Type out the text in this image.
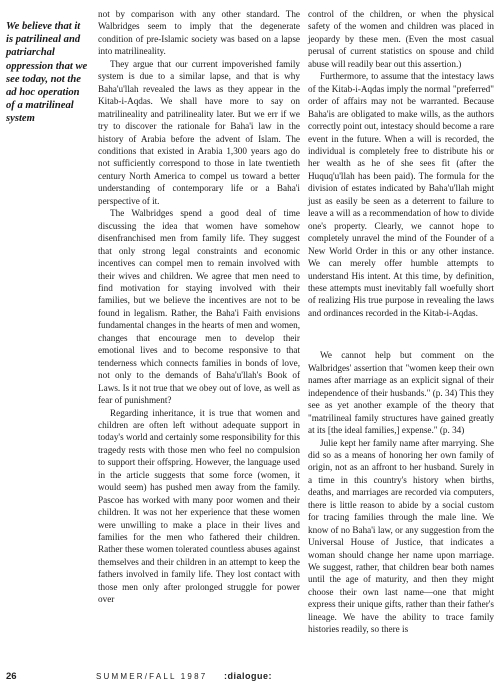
We believe that it is patrilineal and patriarchal oppression that we see today, not the ad hoc operation of a matrilineal system

not by comparison with any other standard. The Walbridges seem to imply that the degenerate condition of pre-Islamic society was based on a lapse into matrilineality.

They argue that our current impoverished family system is due to a similar lapse, and that is why Baha'u'llah revealed the laws as they appear in the Kitab-i-Aqdas. We shall have more to say on matrilineality and patrilineality later. But we err if we try to discover the rationale for Baha'i law in the history of Arabia before the advent of Islam. The conditions that existed in Arabia 1,300 years ago do not sufficiently correspond to those in late twentieth century North America to compel us toward a better understanding of contemporary life or a Baha'i perspective of it.

The Walbridges spend a good deal of time discussing the idea that women have somehow disenfranchised men from family life. They suggest that only strong legal constraints and economic incentives can compel men to remain involved with their wives and children. We agree that men need to find motivation for staying involved with their families, but we believe the incentives are not to be found in legalism. Rather, the Baha'i Faith envisions fundamental changes in the hearts of men and women, changes that encourage men to develop their emotional lives and to become responsive to that tenderness which connects families in bonds of love, not only to the demands of Baha'u'llah's Book of Laws. Is it not true that we obey out of love, as well as fear of punishment?

Regarding inheritance, it is true that women and children are often left without adequate support in today's world and certainly some responsibility for this tragedy rests with those men who feel no compulsion to support their offspring. However, the language used in the article suggests that some force (women, it would seem) has pushed men away from the family. Pascoe has worked with many poor women and their children. It was not her experience that these women were unwilling to make a place in their lives and families for the men who fathered their children. Rather these women tolerated countless abuses against themselves and their children in an attempt to keep the fathers involved in family life. They lost contact with those men only after prolonged struggle for power over

control of the children, or when the physical safety of the women and children was placed in jeopardy by these men. (Even the most casual perusal of current statistics on spouse and child abuse will readily bear out this assertion.)

Furthermore, to assume that the intestacy laws of the Kitab-i-Aqdas imply the normal "preferred" order of affairs may not be warranted. Because Baha'is are obligated to make wills, as the authors correctly point out, intestacy should become a rare event in the future. When a will is recorded, the individual is completely free to distribute his or her wealth as he of she sees fit (after the Huquq'u'llah has been paid). The formula for the division of estates indicated by Baha'u'llah might just as easily be seen as a deterrent to failure to leave a will as a recommendation of how to divide one's property. Clearly, we cannot hope to completely unravel the mind of the Founder of a New World Order in this or any other instance. We can merely offer humble attempts to understand His intent. At this time, by definition, these attempts must inevitably fall woefully short of realizing His true purpose in revealing the laws and ordinances recorded in the Kitab-i-Aqdas.

We cannot help but comment on the Walbridges' assertion that "women keep their own names after marriage as an explicit signal of their independence of their husbands." (p. 34) This they see as yet another example of the theory that "matrilineal family structures have gained greatly at its [the ideal families,] expense." (p. 34)

Julie kept her family name after marrying. She did so as a means of honoring her own family of origin, not as an affront to her husband. Surely in a time in this country's history when births, deaths, and marriages are recorded via computers, there is little reason to abide by a social custom for tracing families through the male line. We know of no Baha'i law, or any suggestion from the Universal House of Justice, that indicates a woman should change her name upon marriage. We suggest, rather, that children bear both names until the age of maturity, and then they might choose their own last name—one that might express their unique gifts, rather than their father's lineage. We have the ability to trace family histories readily, so there is

26	SUMMER/FALL 1987 :dialogue:
